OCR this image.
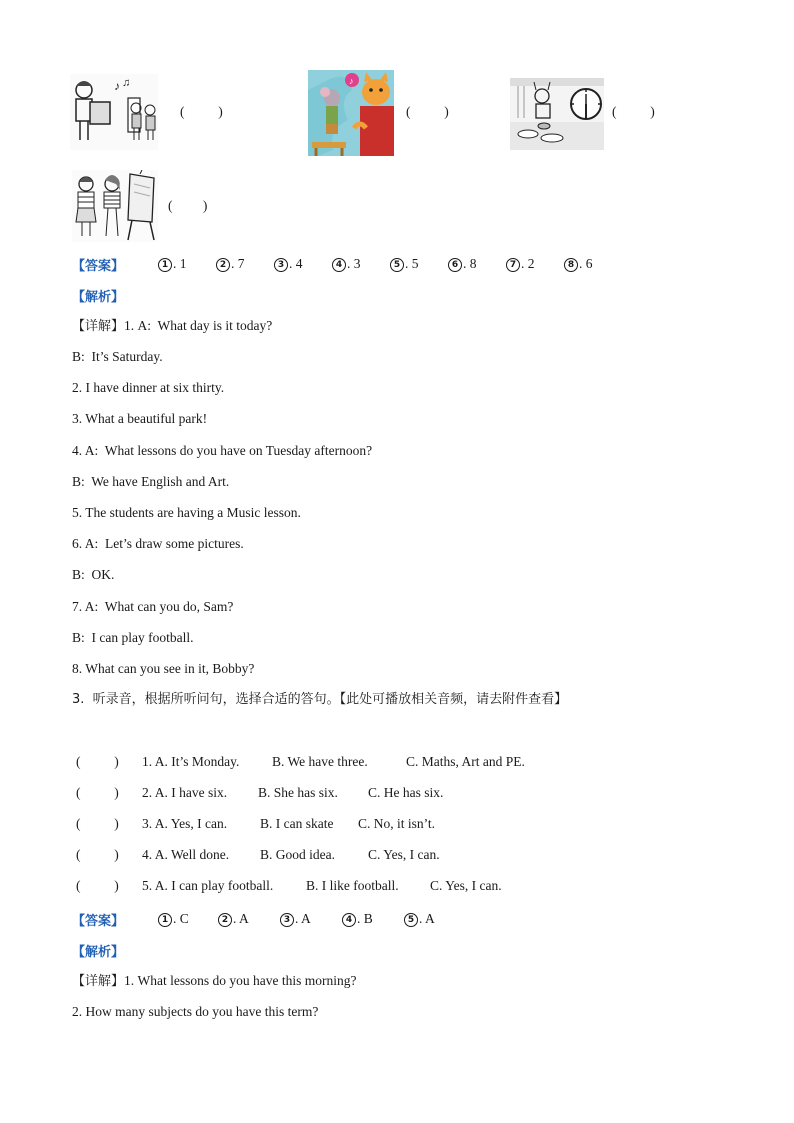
♪ ♫
(          )
♪
(          )	(          )
(         )
【答案】	1 . 1	2 . 7	3 . 4	4 . 3	5 . 5	6 . 8	7 . 2	8 . 6
【解析】
【详解】1. A:  What day is it today?
B:  It’s Saturday.
2. I have dinner at six thirty.
3. What a beautiful park!
4. A:  What lessons do you have on Tuesday afternoon?
B:  We have English and Art.
5. The students are having a Music lesson.
6. A:  Let’s draw some pictures.
B:  OK.
7. A:  What can you do, Sam?
B:  I can play football.
8. What can you see in it, Bobby?
3.  听录音，根据所听问句，选择合适的答句。【此处可播放相关音频，请去附件查看】
(          ) 1. A. It’s Monday. B. We have three.	C. Maths, Art and PE.
(          ) 2. A. I have six. B. She has six. C. He has six.
(          ) 3. A. Yes, I can. B. I can skate C. No, it isn’t.
(          ) 4. A. Well done. B. Good idea. C. Yes, I can.
(          ) 5. A. I can play football. B. I like football. C. Yes, I can.
【答案】	1 . C	2 . A	3 . A	4 . B	5 . A
【解析】
【详解】1. What lessons do you have this morning?
2. How many subjects do you have this term?
